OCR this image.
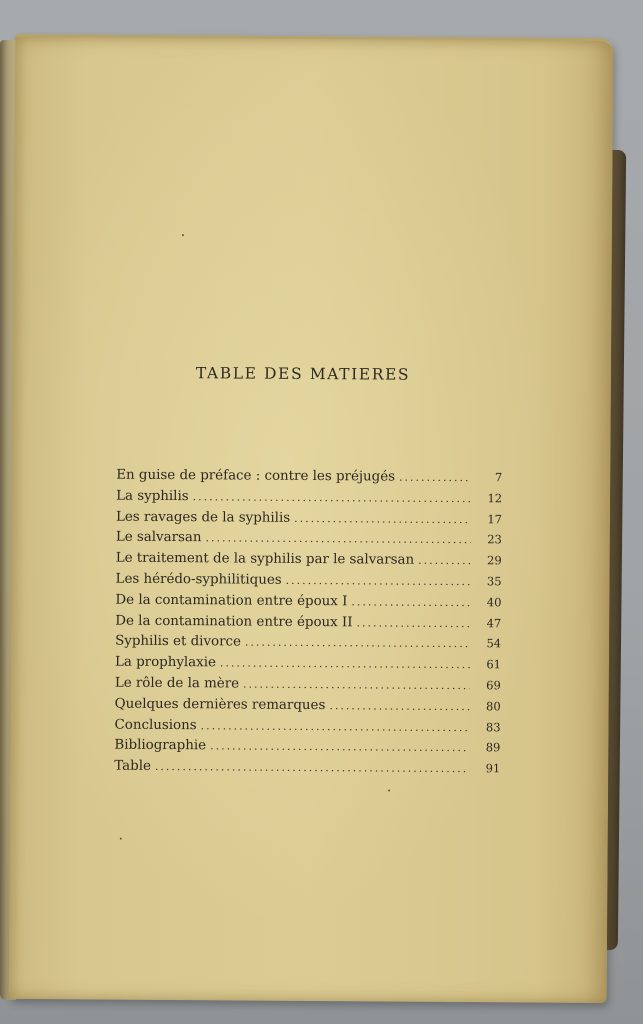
TABLE DES MATIERES
En guise de préface : contre les préjugés .....	7
La syphilis .....	12
Les ravages de la syphilis .....	17
Le salvarsan .....	23
Le traitement de la syphilis par le salvarsan .....	29
Les hérédo-syphilitiques .....	35
De la contamination entre époux I .....	40
De la contamination entre époux II .....	47
Syphilis et divorce .....	54
La prophylaxie .....	61
Le rôle de la mère .....	69
Quelques dernières remarques .....	80
Conclusions .....	83
Bibliographie .....	89
Table .....	91
